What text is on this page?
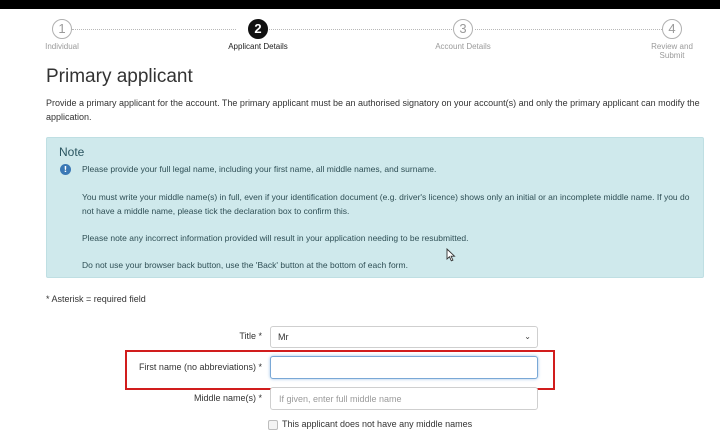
1
Individual
2
Applicant Details
3
Account Details
4
Review and Submit
Primary applicant

Provide a primary applicant for the account. The primary applicant must be an authorised signatory on your account(s) and only the primary applicant can modify the application.

Note
!	Please provide your full legal name, including your first name, all middle names, and surname.

You must write your middle name(s) in full, even if your identification document (e.g. driver's licence) shows only an initial or an incomplete middle name. If you do not have a middle name, please tick the declaration box to confirm this.

Please note any incorrect information provided will result in your application needing to be resubmitted.

Do not use your browser back button, use the 'Back' button at the bottom of each form.

* Asterisk = required field
Title *	Mr	⌄
First name (no abbreviations) *
Middle name(s) *
If given, enter full middle name
This applicant does not have any middle names
